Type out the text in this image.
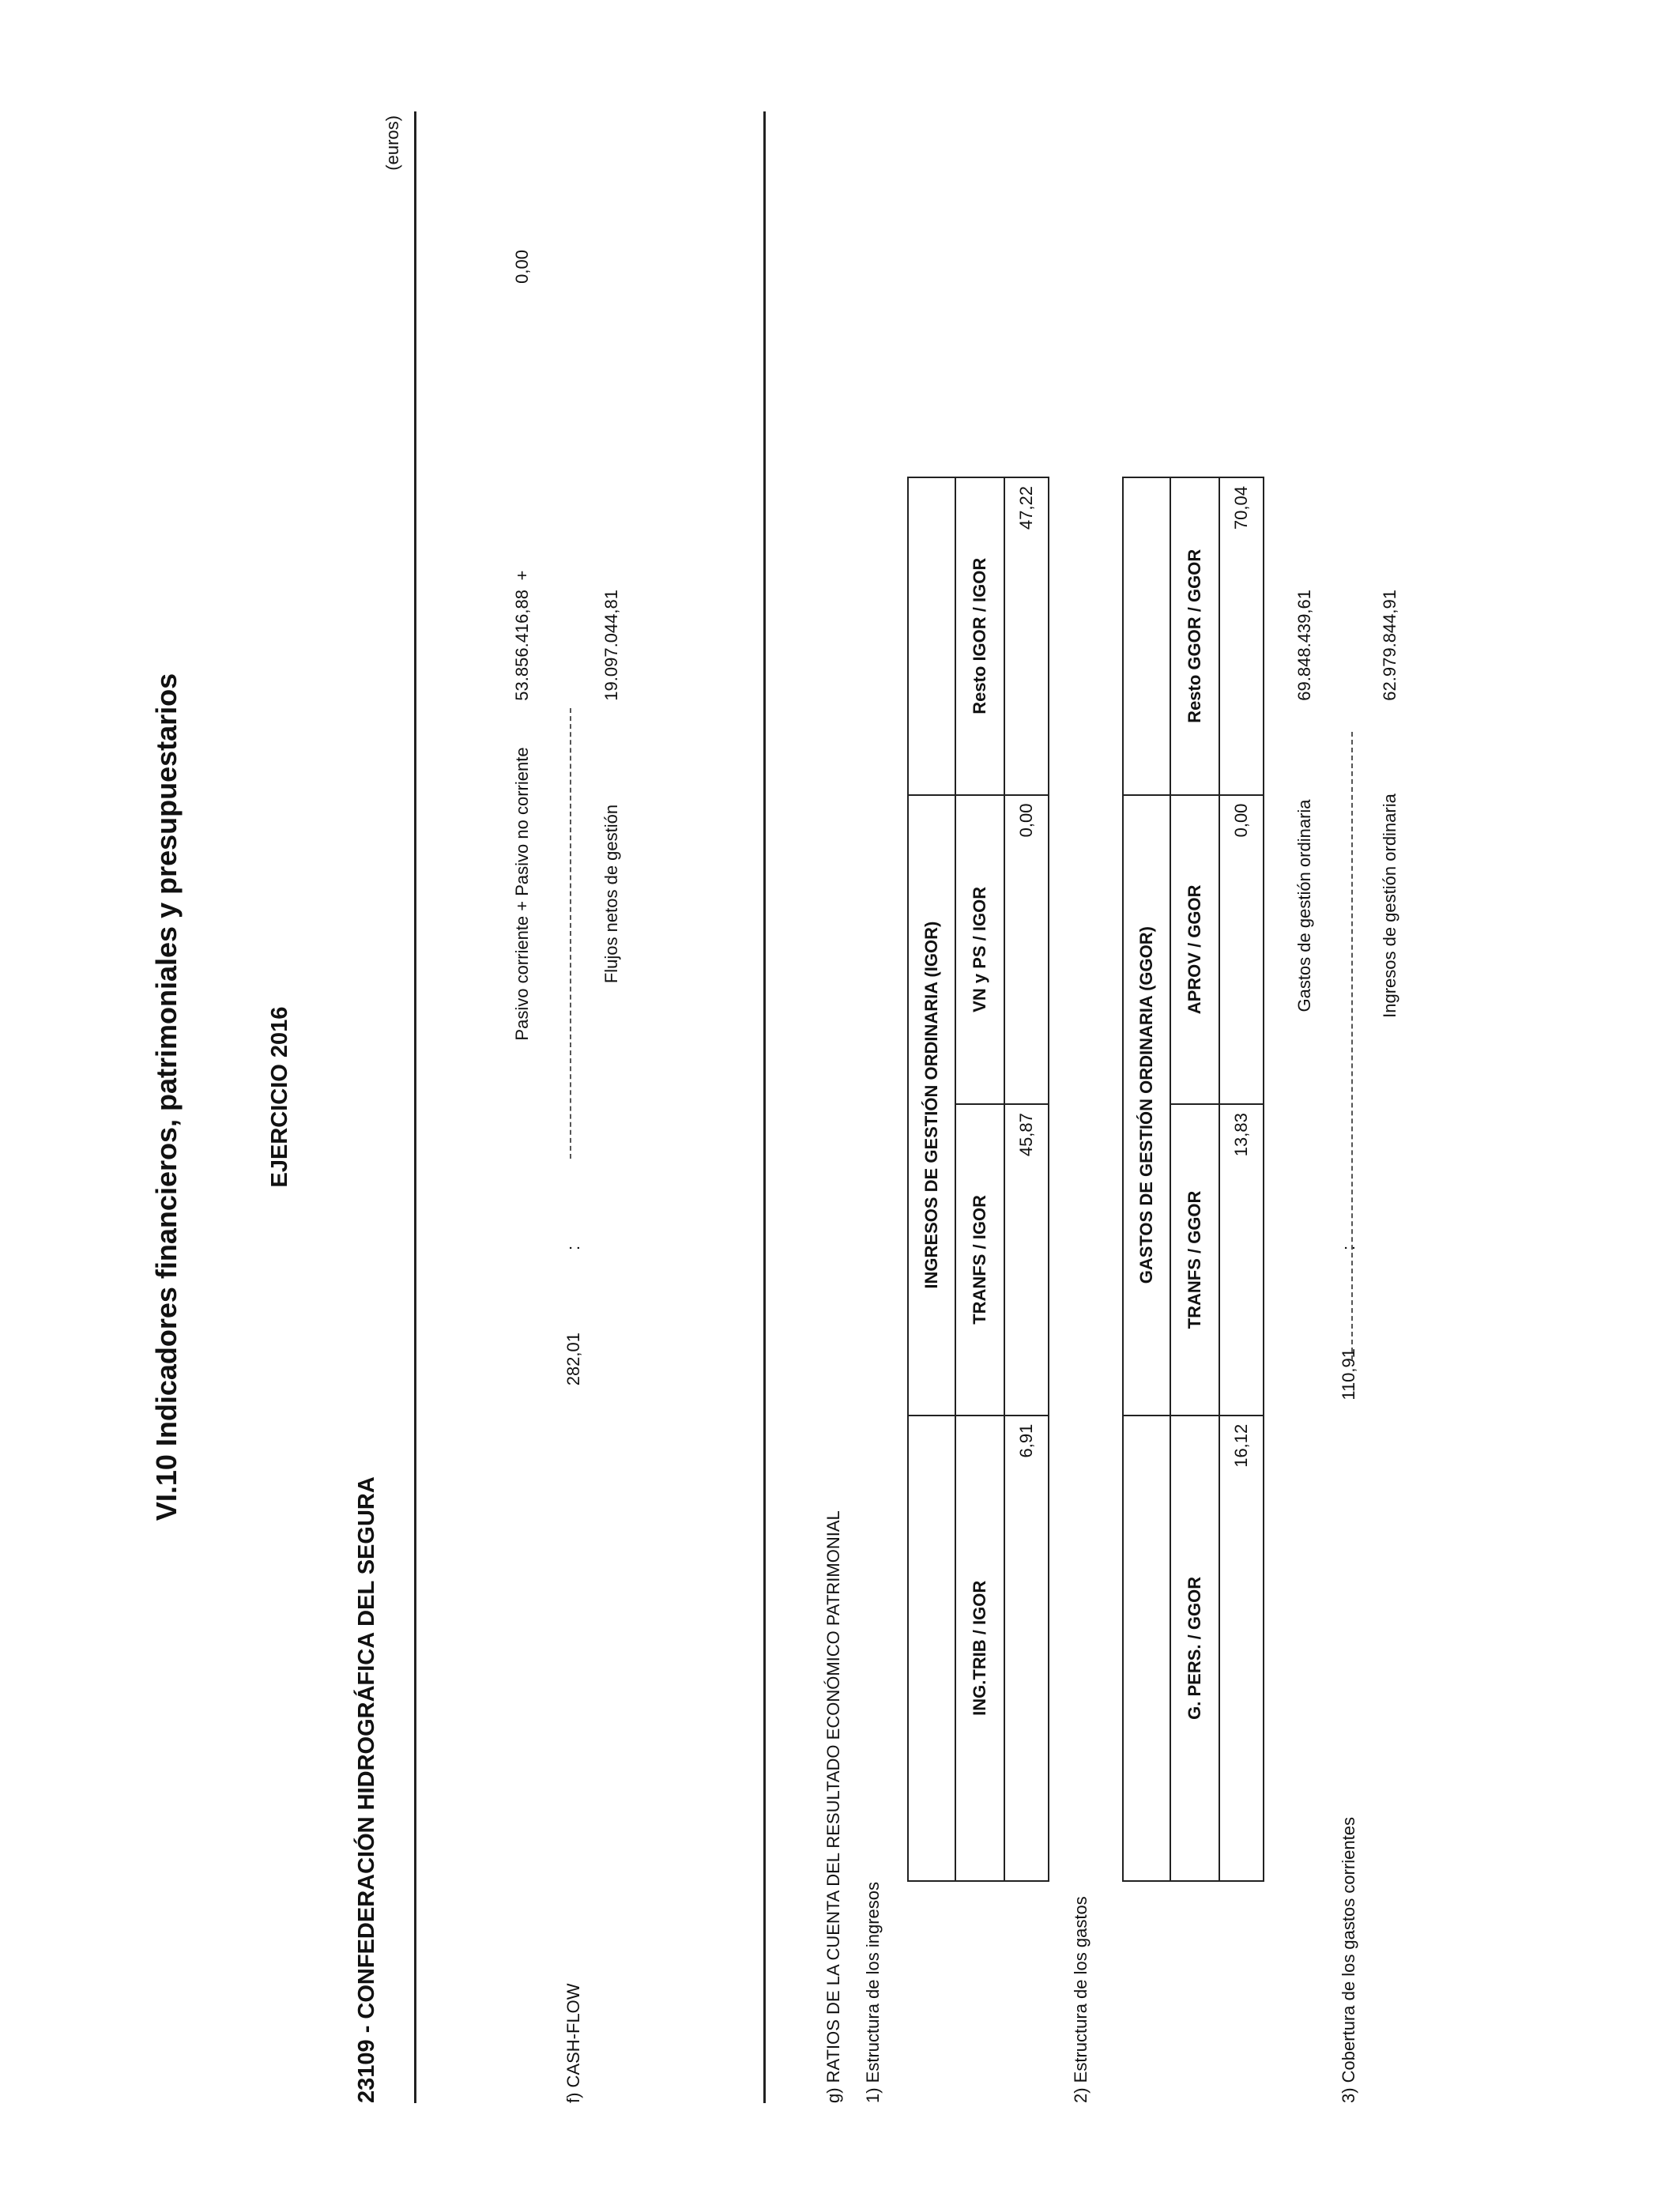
VI.10 Indicadores financieros, patrimoniales y presupuestarios	EJERCICIO 2016
23109 - CONFEDERACIÓN HIDROGRÁFICA DEL SEGURA
(euros)
f) CASH-FLOW
282,01
:
Pasivo corriente + Pasivo no corriente
53.856.416,88
+
0,00
Flujos netos de gestión
19.097.044,81
g) RATIOS DE LA CUENTA DEL RESULTADO ECONÓMICO PATRIMONIAL 1) Estructura de los ingresos
	INGRESOS DE GESTIÓN ORDINARIA (IGOR)		
ING.TRIB / IGOR	TRANFS / IGOR	VN y PS / IGOR	Resto IGOR / IGOR
6,91	45,87	0,00	47,22
2) Estructura de los gastos
	GASTOS DE GESTIÓN ORDINARIA (GGOR)		
G. PERS. / GGOR	TRANFS / GGOR	APROV / GGOR	Resto GGOR / GGOR
16,12	13,83	0,00	70,04
3) Cobertura de los gastos corrientes
110,91
:
Gastos de gestión ordinaria
69.848.439,61
Ingresos de gestión ordinaria
62.979.844,91
